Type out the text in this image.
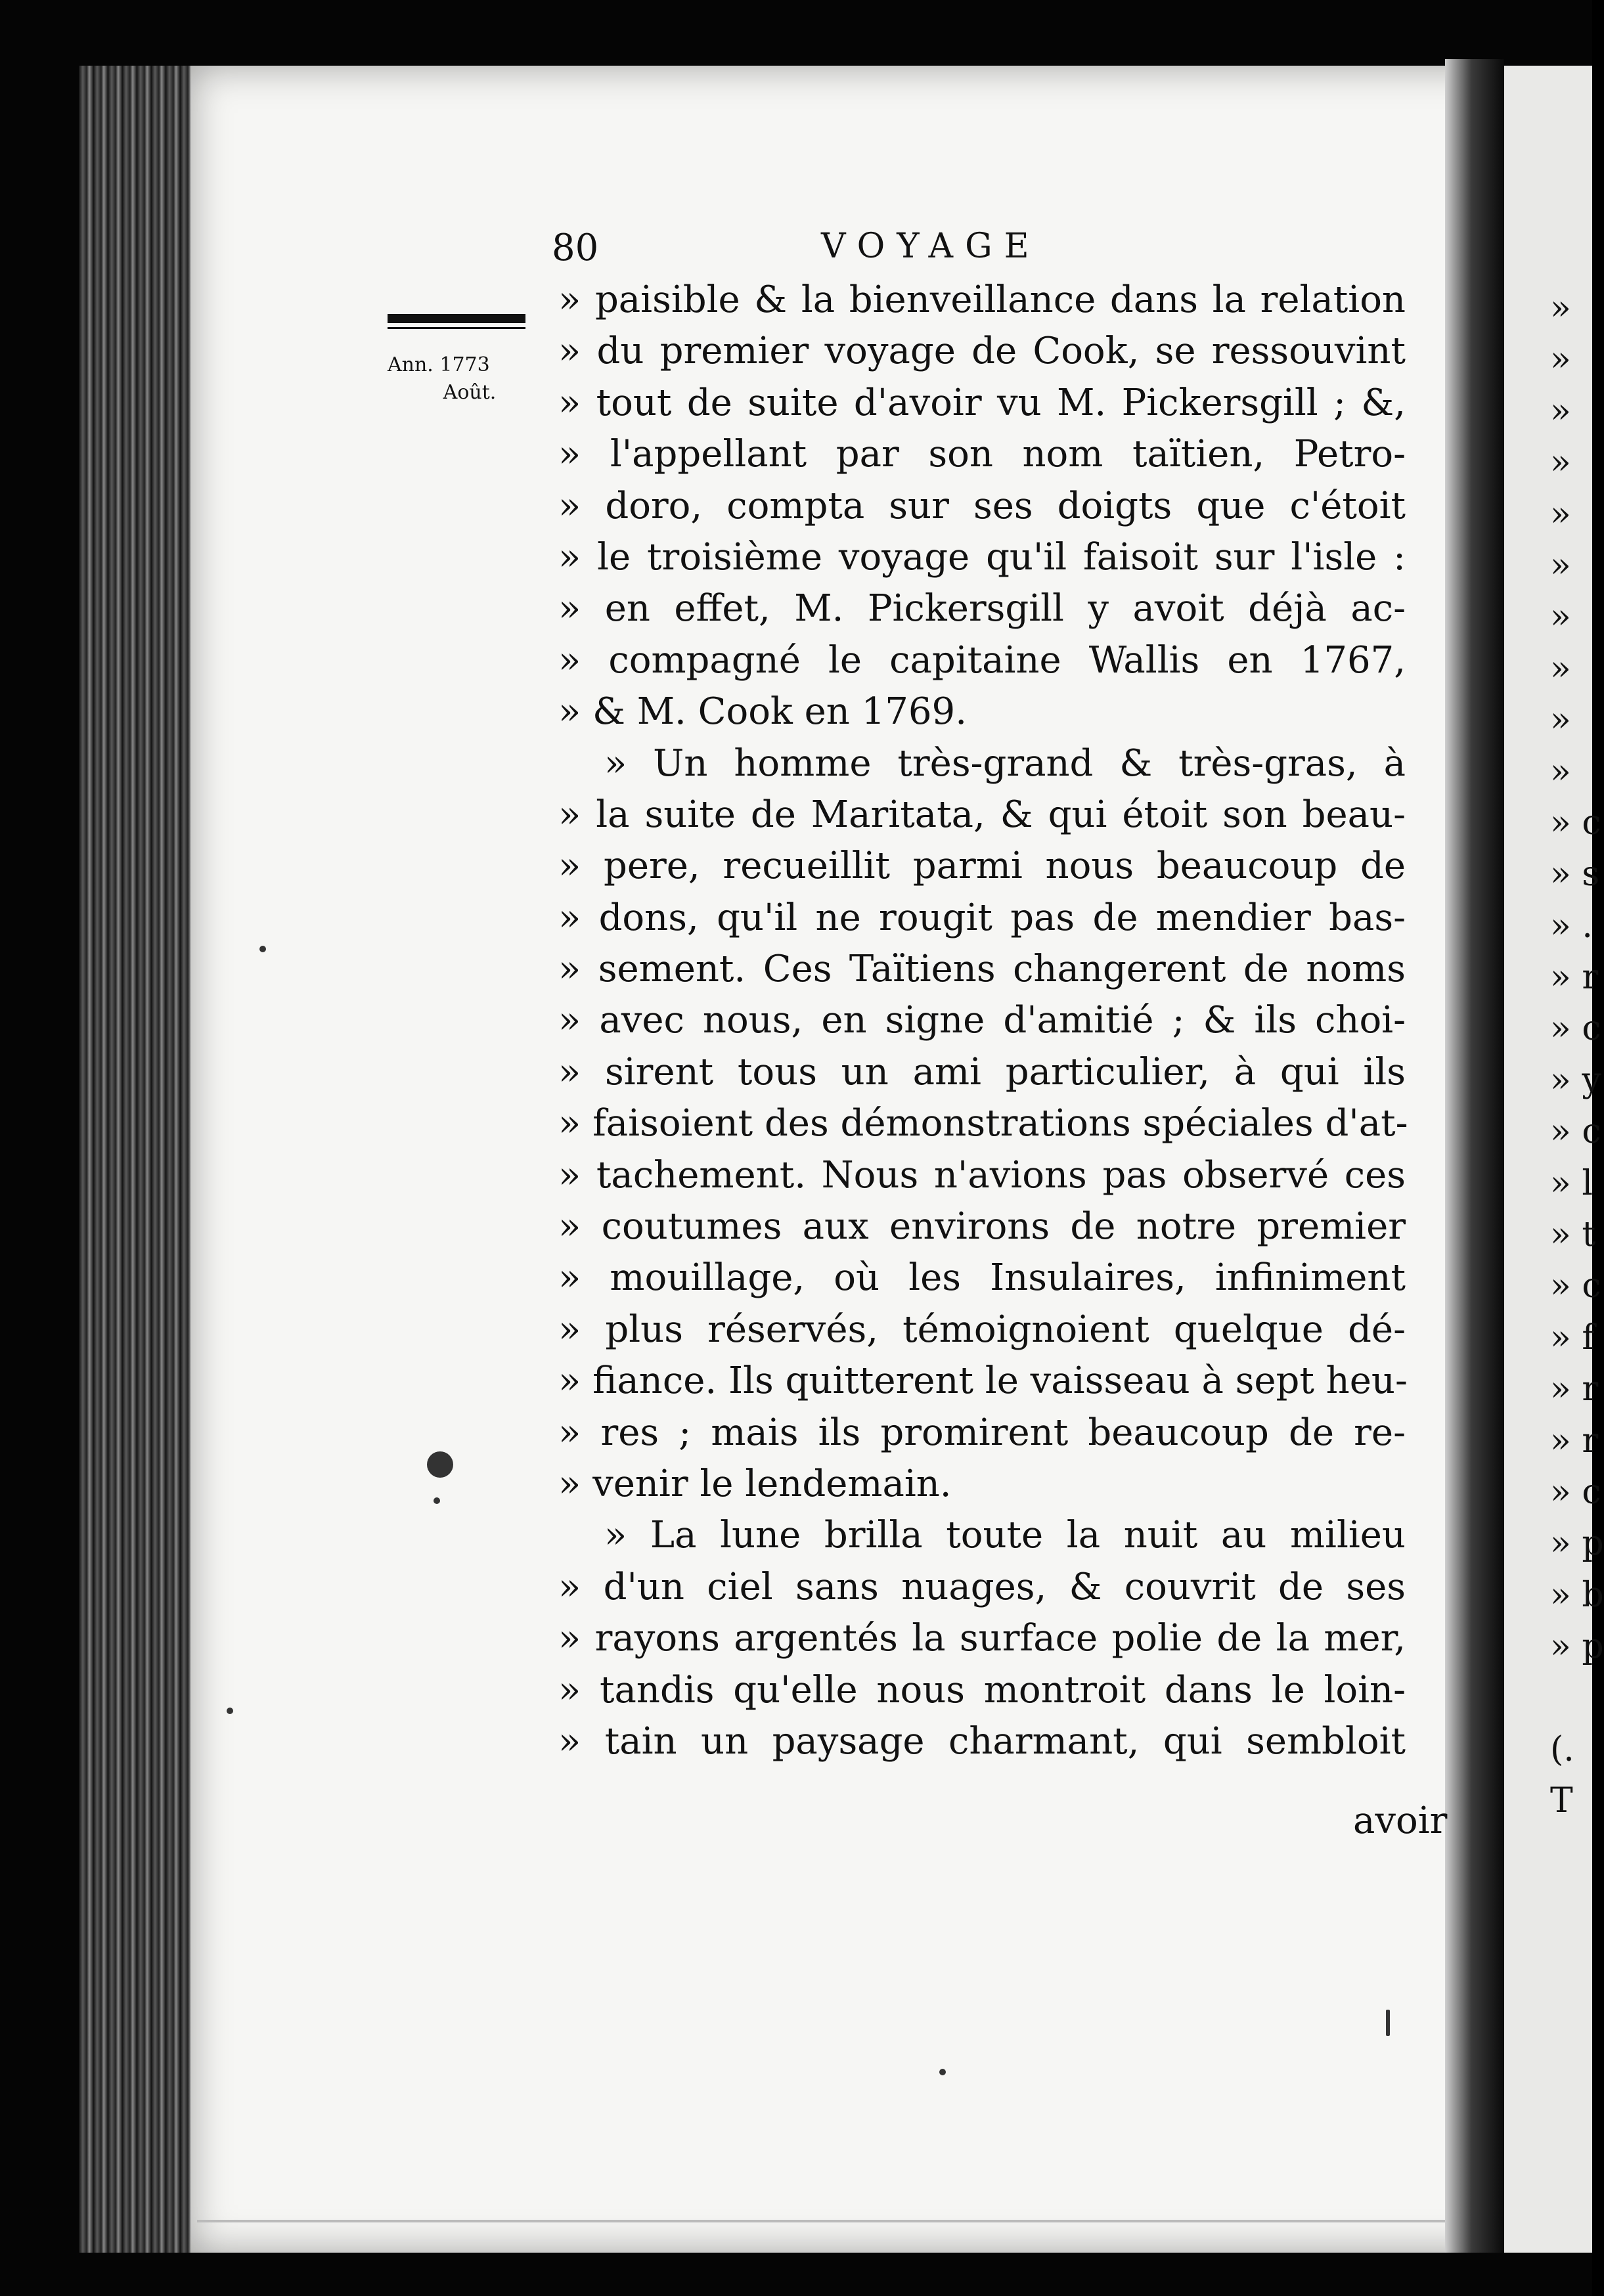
80	VOYAGE
Ann. 1773
Août.
» paisible & la bienveillance dans la relation
» du premier voyage de Cook, se ressouvint
» tout de suite d'avoir vu M. Pickersgill ; &,
» l'appellant par son nom taïtien, Petro-
» doro, compta sur ses doigts que c'étoit
» le troisième voyage qu'il faisoit sur l'isle :
» en effet, M. Pickersgill y avoit déjà ac-
» compagné le capitaine Wallis en 1767,
» & M. Cook en 1769.
» Un homme très-grand & très-gras, à
» la suite de Maritata, & qui étoit son beau-
» pere, recueillit parmi nous beaucoup de
» dons, qu'il ne rougit pas de mendier bas-
» sement. Ces Taïtiens changerent de noms
» avec nous, en signe d'amitié ; & ils choi-
» sirent tous un ami particulier, à qui ils
» faisoient des démonstrations spéciales d'at-
» tachement. Nous n'avions pas observé ces
» coutumes aux environs de notre premier
» mouillage, où les Insulaires, infiniment
» plus réservés, témoignoient quelque dé-
» fiance. Ils quitterent le vaisseau à sept heu-
» res ; mais ils promirent beaucoup de re-
» venir le lendemain.
» La lune brilla toute la nuit au milieu
» d'un ciel sans nuages, & couvrit de ses
» rayons argentés la surface polie de la mer,
» tandis qu'elle nous montroit dans le loin-
» tain un paysage charmant, qui sembloit
avoir
»
»
»
»
»
»
»
»
»
»
» c
» s
» .
» r
» c
» y
» c
» l
» t
» c
» f
» r
» r
» c
» p
» b
» p
(.
T
